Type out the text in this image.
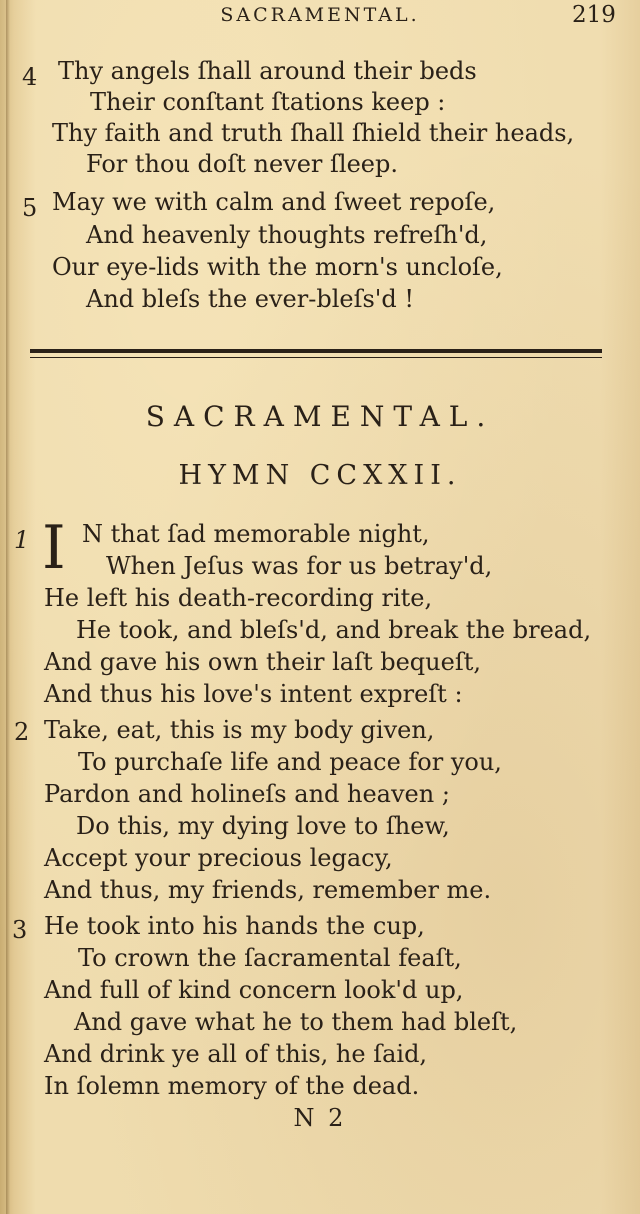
SACRAMENTAL.	219
4 Thy angels ſhall around their beds
Their conſtant ſtations keep :
Thy faith and truth ſhall ſhield their heads,
For thou doſt never ſleep.
5 May we with calm and ſweet repoſe,
And heavenly thoughts refreſh'd,
Our eye-lids with the morn's uncloſe,
And bleſs the ever-bleſs'd !
SACRAMENTAL.
HYMN CCXXII.
1 I N that ſad memorable night,
When Jeſus was for us betray'd,
He left his death-recording rite,
He took, and bleſs'd, and break the bread,
And gave his own their laſt bequeſt,
And thus his love's intent expreſt :
2 Take, eat, this is my body given,
To purchaſe life and peace for you,
Pardon and holineſs and heaven ;
Do this, my dying love to ſhew,
Accept your precious legacy,
And thus, my friends, remember me.
3 He took into his hands the cup,
To crown the ſacramental feaſt,
And full of kind concern look'd up,
And gave what he to them had bleſt,
And drink ye all of this, he ſaid,
In ſolemn memory of the dead.
N 2
